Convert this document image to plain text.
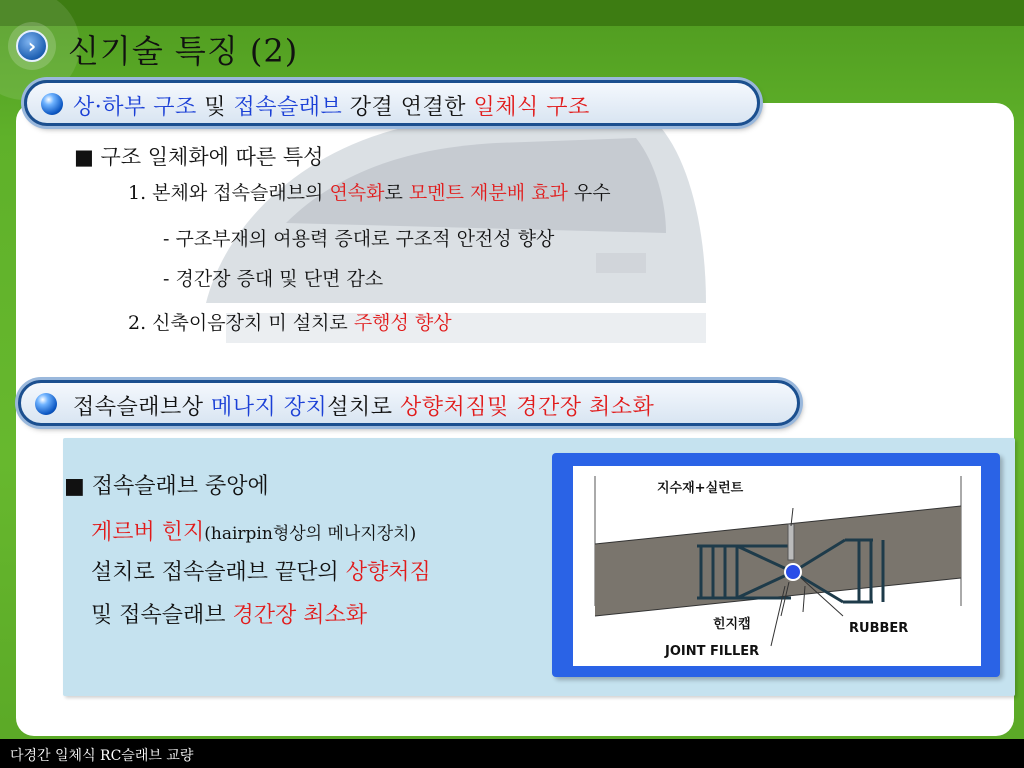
› 신기술 특징 (2)
상·하부 구조 및 접속슬래브 강결 연결한 일체식 구조
■ 구조 일체화에 따른 특성
1. 본체와 접속슬래브의 연속화로 모멘트 재분배 효과 우수
- 구조부재의 여용력 증대로 구조적 안전성 향상
- 경간장 증대 및 단면 감소
2. 신축이음장치 미 설치로 주행성 향상
접속슬래브상 메나지 장치설치로 상향처짐및 경간장 최소화
■ 접속슬래브 중앙에
게르버 힌지(hairpin형상의 메나지장치)
설치로 접속슬래브 끝단의 상향처짐
및 접속슬래브 경간장 최소화
지수재+실런트
힌지캡	RUBBER
JOINT FILLER
다경간 일체식 RC슬래브 교량
